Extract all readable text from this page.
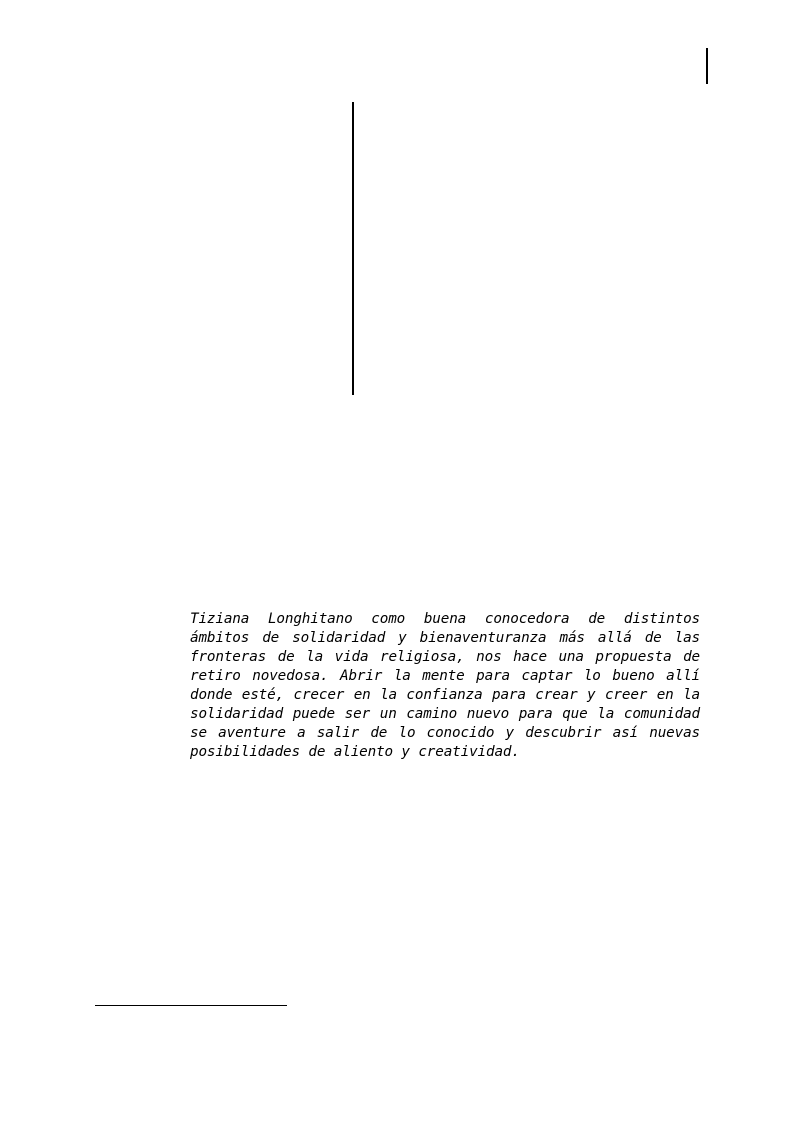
Tiziana Longhitano como buena conocedora de distintos ámbitos de solidaridad y bienaventuranza más allá de las fronteras de la vida religiosa, nos hace una propuesta de retiro novedosa. Abrir la mente para captar lo bueno allí donde esté, crecer en la confianza para crear y creer en la solidaridad puede ser un camino nuevo para que la comunidad se aventure a salir de lo conocido y descubrir así nuevas posibilidades de aliento y creatividad.
